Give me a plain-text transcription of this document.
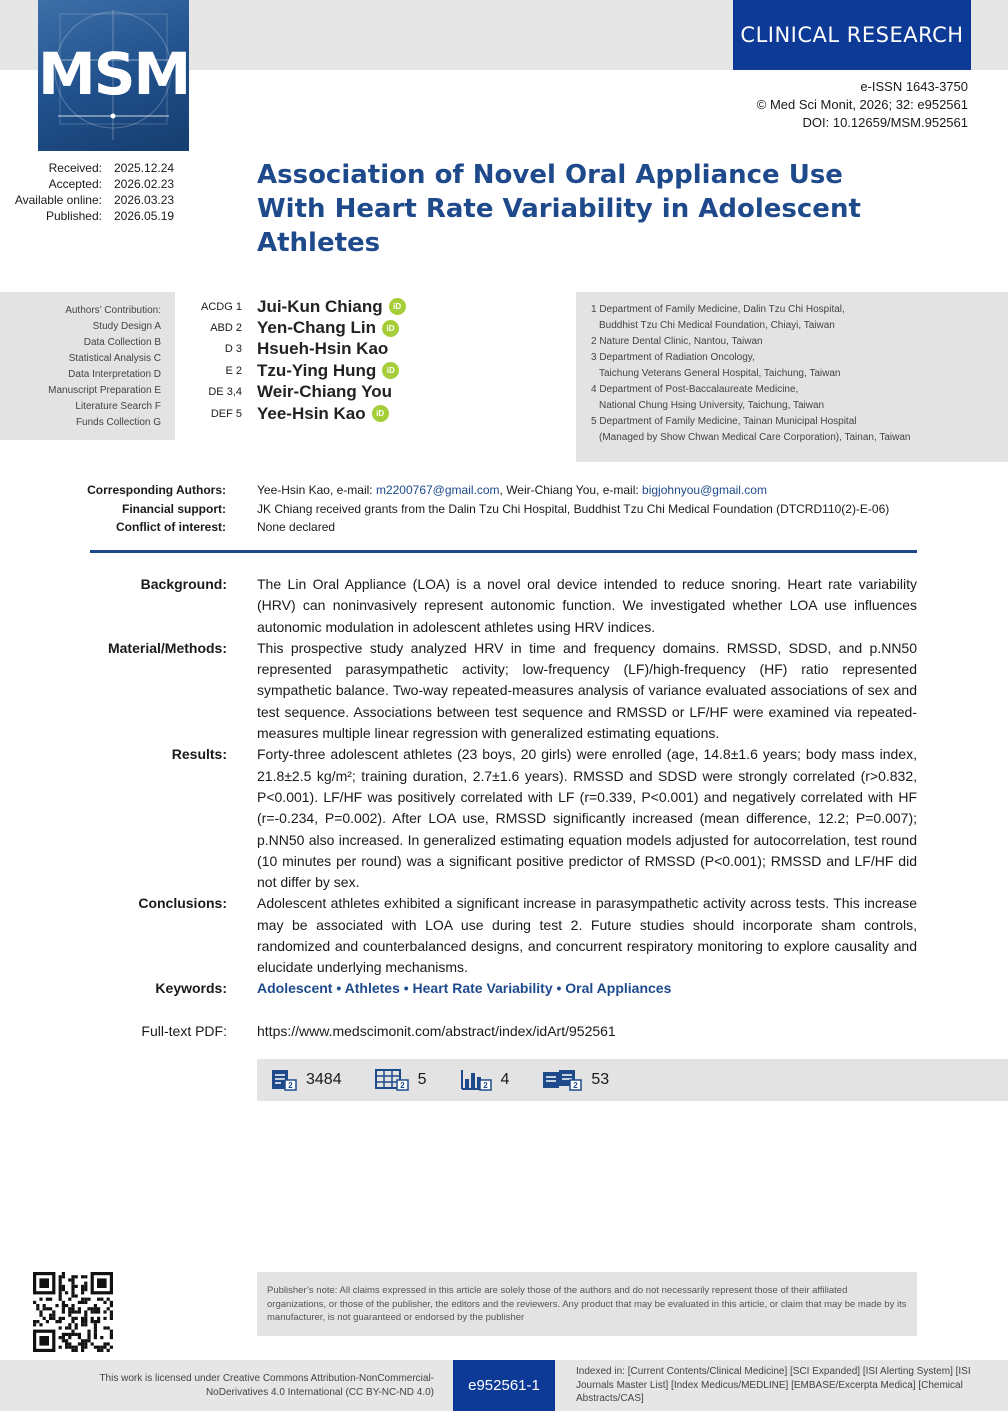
MSM
CLINICAL RESEARCH
e-ISSN 1643-3750
© Med Sci Monit, 2026; 32: e952561
DOI: 10.12659/MSM.952561
Received: 2025.12.24
Accepted: 2026.02.23
Available online: 2026.03.23
Published: 2026.05.19
Association of Novel Oral Appliance Use With Heart Rate Variability in Adolescent Athletes
Authors’ Contribution:
Study Design A
Data Collection B
Statistical Analysis C
Data Interpretation D
Manuscript Preparation E
Literature Search F
Funds Collection G
ACDG 1 Jui-Kun Chiang	iD
ABD 2 Yen-Chang Lin	iD
D 3 Hsueh-Hsin Kao
E 2 Tzu-Ying Hung	iD
DE 3,4 Weir-Chiang You
DEF 5 Yee-Hsin Kao	iD
1 Department of Family Medicine, Dalin Tzu Chi Hospital,
Buddhist Tzu Chi Medical Foundation, Chiayi, Taiwan
2 Nature Dental Clinic, Nantou, Taiwan
3 Department of Radiation Oncology,
Taichung Veterans General Hospital, Taichung, Taiwan
4 Department of Post-Baccalaureate Medicine,
National Chung Hsing University, Taichung, Taiwan
5 Department of Family Medicine, Tainan Municipal Hospital
(Managed by Show Chwan Medical Care Corporation), Tainan, Taiwan
Corresponding Authors:	Yee-Hsin Kao, e-mail: m2200767@gmail.com, Weir-Chiang You, e-mail: bigjohnyou@gmail.com
Financial support:	JK Chiang received grants from the Dalin Tzu Chi Hospital, Buddhist Tzu Chi Medical Foundation (DTCRD110(2)-E-06)
Conflict of interest:	None declared
Background: The Lin Oral Appliance (LOA) is a novel oral device intended to reduce snoring. Heart rate variability (HRV) can noninvasively represent autonomic function. We investigated whether LOA use influences autonomic modulation in adolescent athletes using HRV indices.
Material/Methods: This prospective study analyzed HRV in time and frequency domains. RMSSD, SDSD, and p.NN50 represented parasympathetic activity; low-frequency (LF)/high-frequency (HF) ratio represented sympathetic balance. Two-way repeated-measures analysis of variance evaluated associations of sex and test sequence. Associations between test sequence and RMSSD or LF/HF were examined via repeated-measures multiple linear regression with generalized estimating equations.
Results: Forty-three adolescent athletes (23 boys, 20 girls) were enrolled (age, 14.8±1.6 years; body mass index, 21.8±2.5 kg/m²; training duration, 2.7±1.6 years). RMSSD and SDSD were strongly correlated (r>0.832, P<0.001). LF/HF was positively correlated with LF (r=0.339, P<0.001) and negatively correlated with HF (r=-0.234, P=0.002). After LOA use, RMSSD significantly increased (mean difference, 12.2; P=0.007); p.NN50 also increased. In generalized estimating equation models adjusted for autocorrelation, test round (10 minutes per round) was a significant positive predictor of RMSSD (P<0.001); RMSSD and LF/HF did not differ by sex.
Conclusions: Adolescent athletes exhibited a significant increase in parasympathetic activity across tests. This increase may be associated with LOA use during test 2. Future studies should incorporate sham controls, randomized and counterbalanced designs, and concurrent respiratory monitoring to explore causality and elucidate underlying mechanisms.
Keywords: Adolescent • Athletes • Heart Rate Variability • Oral Appliances
Full-text PDF: https://www.medscimonit.com/abstract/index/idArt/952561
2 3484	2 5	2 4	2 53
Publisher’s note: All claims expressed in this article are solely those of the authors and do not necessarily represent those of their affiliated organizations, or those of the publisher, the editors and the reviewers. Any product that may be evaluated in this article, or claim that may be made by its manufacturer, is not guaranteed or endorsed by the publisher
This work is licensed under Creative Commons Attribution-NonCommercial-NoDerivatives 4.0 International (CC BY-NC-ND 4.0)	e952561-1
Indexed in: [Current Contents/Clinical Medicine] [SCI Expanded] [ISI Alerting System] [ISI Journals Master List] [Index Medicus/MEDLINE] [EMBASE/Excerpta Medica] [Chemical Abstracts/CAS]
